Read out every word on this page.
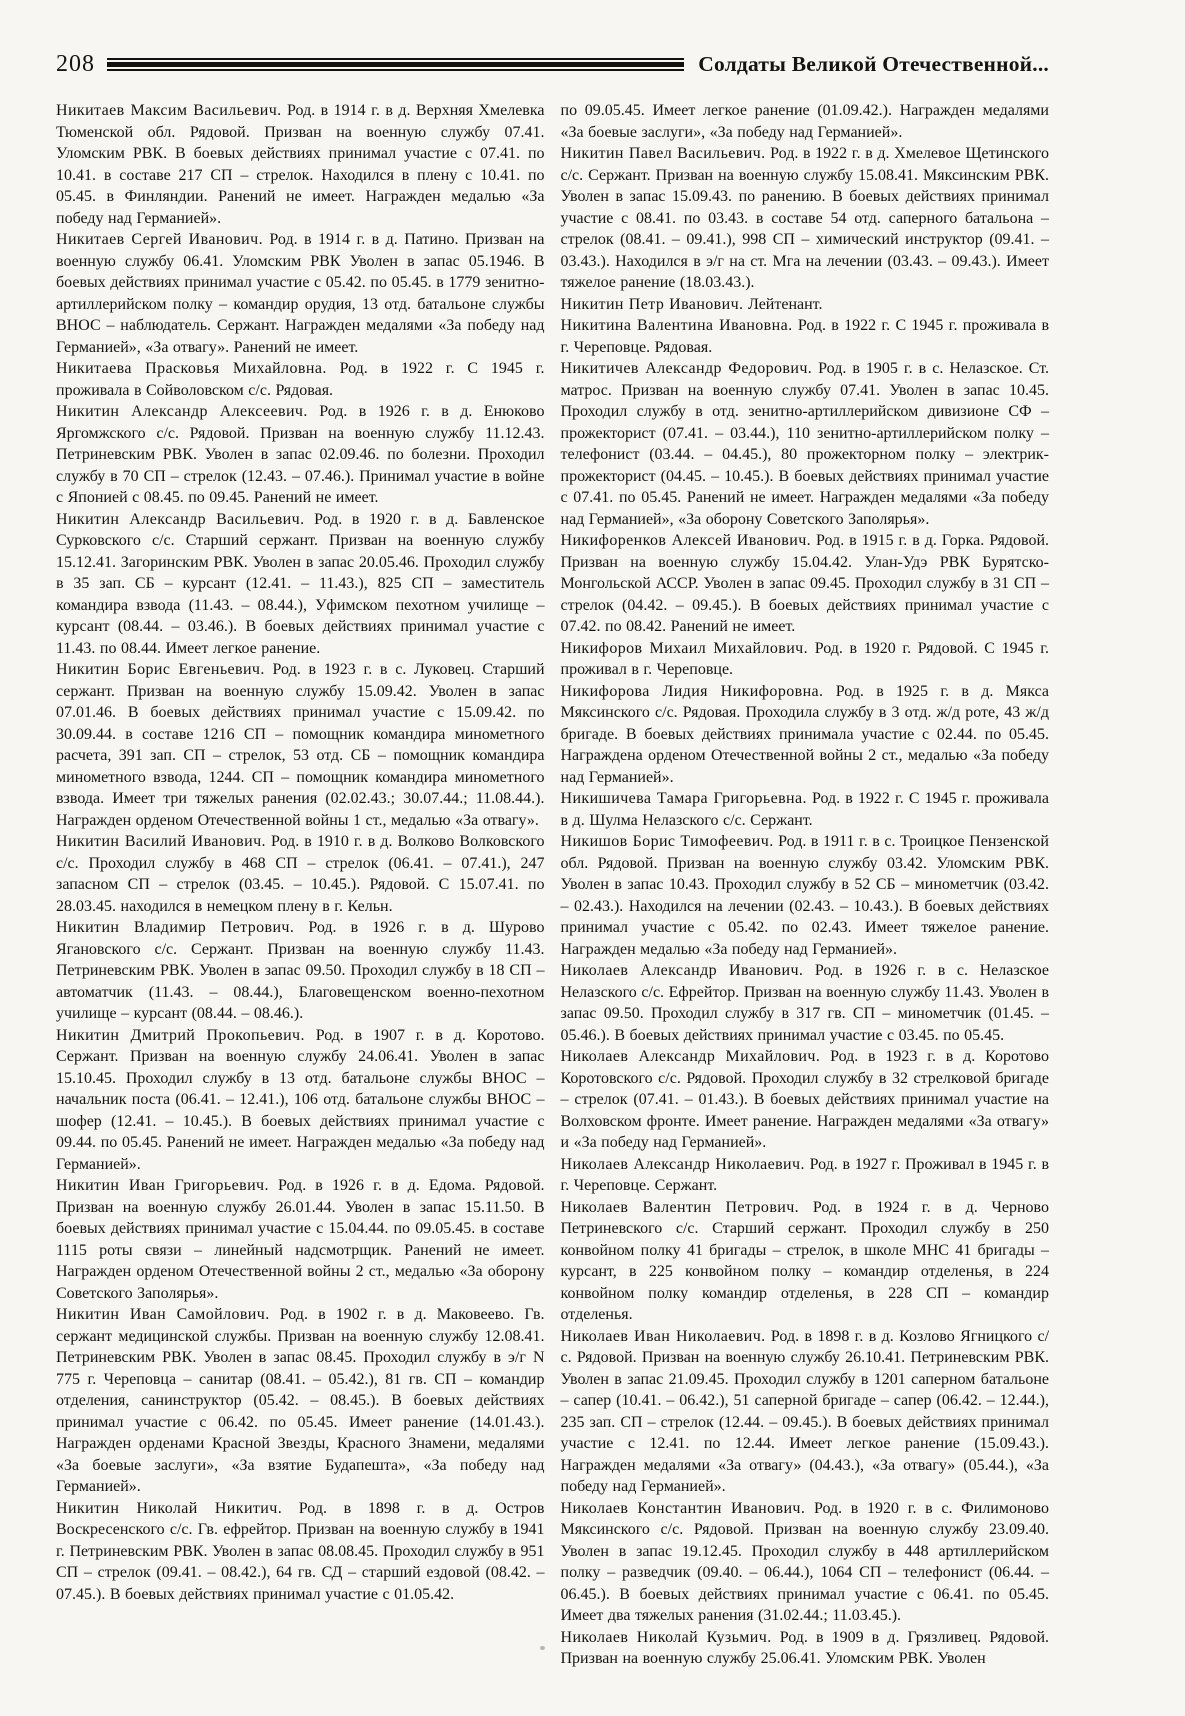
208	Солдаты Великой Отечественной...

Никитаев Максим Васильевич. Род. в 1914 г. в д. Верхняя Хмелевка Тюменской обл. Рядовой. Призван на военную службу 07.41. Уломским РВК. В боевых действиях принимал участие с 07.41. по 10.41. в составе 217 СП – стрелок. Находился в плену с 10.41. по 05.45. в Финляндии. Ранений не имеет. Награжден медалью «За победу над Германией».

Никитаев Сергей Иванович. Род. в 1914 г. в д. Патино. Призван на военную службу 06.41. Уломским РВК Уволен в запас 05.1946. В боевых действиях принимал участие с 05.42. по 05.45. в 1779 зенитно-артиллерийском полку – командир орудия, 13 отд. батальоне службы ВНОС – наблюдатель. Сержант. Награжден медалями «За победу над Германией», «За отвагу». Ранений не имеет.

Никитаева Прасковья Михайловна. Род. в 1922 г. С 1945 г. проживала в Сойволовском с/с. Рядовая.

Никитин Александр Алексеевич. Род. в 1926 г. в д. Енюково Яргомжского с/с. Рядовой. Призван на военную службу 11.12.43. Петриневским РВК. Уволен в запас 02.09.46. по болезни. Проходил службу в 70 СП – стрелок (12.43. – 07.46.). Принимал участие в войне с Японией с 08.45. по 09.45. Ранений не имеет.

Никитин Александр Васильевич. Род. в 1920 г. в д. Бавленское Сурковского с/с. Старший сержант. Призван на военную службу 15.12.41. Загоринским РВК. Уволен в запас 20.05.46. Проходил службу в 35 зап. СБ – курсант (12.41. – 11.43.), 825 СП – заместитель командира взвода (11.43. – 08.44.), Уфимском пехотном училище – курсант (08.44. – 03.46.). В боевых действиях принимал участие с 11.43. по 08.44. Имеет легкое ранение.

Никитин Борис Евгеньевич. Род. в 1923 г. в с. Луковец. Старший сержант. Призван на военную службу 15.09.42. Уволен в запас 07.01.46. В боевых действиях принимал участие с 15.09.42. по 30.09.44. в составе 1216 СП – помощник командира минометного расчета, 391 зап. СП – стрелок, 53 отд. СБ – помощник командира минометного взвода, 1244. СП – помощник командира минометного взвода. Имеет три тяжелых ранения (02.02.43.; 30.07.44.; 11.08.44.). Награжден орденом Отечественной войны 1 ст., медалью «За отвагу».

Никитин Василий Иванович. Род. в 1910 г. в д. Волково Волковского с/с. Проходил службу в 468 СП – стрелок (06.41. – 07.41.), 247 запасном СП – стрелок (03.45. – 10.45.). Рядовой. С 15.07.41. по 28.03.45. находился в немецком плену в г. Кельн.

Никитин Владимир Петрович. Род. в 1926 г. в д. Шурово Ягановского с/с. Сержант. Призван на военную службу 11.43. Петриневским РВК. Уволен в запас 09.50. Проходил службу в 18 СП – автоматчик (11.43. – 08.44.), Благовещенском военно-пехотном училище – курсант (08.44. – 08.46.).

Никитин Дмитрий Прокопьевич. Род. в 1907 г. в д. Коротово. Сержант. Призван на военную службу 24.06.41. Уволен в запас 15.10.45. Проходил службу в 13 отд. батальоне службы ВНОС – начальник поста (06.41. – 12.41.), 106 отд. батальоне службы ВНОС – шофер (12.41. – 10.45.). В боевых действиях принимал участие с 09.44. по 05.45. Ранений не имеет. Награжден медалью «За победу над Германией».

Никитин Иван Григорьевич. Род. в 1926 г. в д. Едома. Рядовой. Призван на военную службу 26.01.44. Уволен в запас 15.11.50. В боевых действиях принимал участие с 15.04.44. по 09.05.45. в составе 1115 роты связи – линейный надсмотрщик. Ранений не имеет. Награжден орденом Отечественной войны 2 ст., медалью «За оборону Советского Заполярья».

Никитин Иван Самойлович. Род. в 1902 г. в д. Маковеево. Гв. сержант медицинской службы. Призван на военную службу 12.08.41. Петриневским РВК. Уволен в запас 08.45. Проходил службу в э/г N 775 г. Череповца – санитар (08.41. – 05.42.), 81 гв. СП – командир отделения, санинструктор (05.42. – 08.45.). В боевых действиях принимал участие с 06.42. по 05.45. Имеет ранение (14.01.43.). Награжден орденами Красной Звезды, Красного Знамени, медалями «За боевые заслуги», «За взятие Будапешта», «За победу над Германией».

Никитин Николай Никитич. Род. в 1898 г. в д. Остров Воскресенского с/с. Гв. ефрейтор. Призван на военную службу в 1941 г. Петриневским РВК. Уволен в запас 08.08.45. Проходил службу в 951 СП – стрелок (09.41. – 08.42.), 64 гв. СД – старший ездовой (08.42. – 07.45.). В боевых действиях принимал участие с 01.05.42.

по 09.05.45. Имеет легкое ранение (01.09.42.). Награжден медалями «За боевые заслуги», «За победу над Германией».

Никитин Павел Васильевич. Род. в 1922 г. в д. Хмелевое Щетинского с/с. Сержант. Призван на военную службу 15.08.41. Мяксинским РВК. Уволен в запас 15.09.43. по ранению. В боевых действиях принимал участие с 08.41. по 03.43. в составе 54 отд. саперного батальона – стрелок (08.41. – 09.41.), 998 СП – химический инструктор (09.41. – 03.43.). Находился в э/г на ст. Мга на лечении (03.43. – 09.43.). Имеет тяжелое ранение (18.03.43.).

Никитин Петр Иванович. Лейтенант.

Никитина Валентина Ивановна. Род. в 1922 г. С 1945 г. проживала в г. Череповце. Рядовая.

Никитичев Александр Федорович. Род. в 1905 г. в с. Нелазское. Ст. матрос. Призван на военную службу 07.41. Уволен в запас 10.45. Проходил службу в отд. зенитно-артиллерийском дивизионе СФ – прожекторист (07.41. – 03.44.), 110 зенитно-артиллерийском полку – телефонист (03.44. – 04.45.), 80 прожекторном полку – электрик-прожекторист (04.45. – 10.45.). В боевых действиях принимал участие с 07.41. по 05.45. Ранений не имеет. Награжден медалями «За победу над Германией», «За оборону Советского Заполярья».

Никифоренков Алексей Иванович. Род. в 1915 г. в д. Горка. Рядовой. Призван на военную службу 15.04.42. Улан-Удэ РВК Бурятско-Монгольской АССР. Уволен в запас 09.45. Проходил службу в 31 СП – стрелок (04.42. – 09.45.). В боевых действиях принимал участие с 07.42. по 08.42. Ранений не имеет.

Никифоров Михаил Михайлович. Род. в 1920 г. Рядовой. С 1945 г. проживал в г. Череповце.

Никифорова Лидия Никифоровна. Род. в 1925 г. в д. Мякса Мяксинского с/с. Рядовая. Проходила службу в 3 отд. ж/д роте, 43 ж/д бригаде. В боевых действиях принимала участие с 02.44. по 05.45. Награждена орденом Отечественной войны 2 ст., медалью «За победу над Германией».

Никишичева Тамара Григорьевна. Род. в 1922 г. С 1945 г. проживала в д. Шулма Нелазского с/с. Сержант.

Никишов Борис Тимофеевич. Род. в 1911 г. в с. Троицкое Пензенской обл. Рядовой. Призван на военную службу 03.42. Уломским РВК. Уволен в запас 10.43. Проходил службу в 52 СБ – минометчик (03.42. – 02.43.). Находился на лечении (02.43. – 10.43.). В боевых действиях принимал участие с 05.42. по 02.43. Имеет тяжелое ранение. Награжден медалью «За победу над Германией».

Николаев Александр Иванович. Род. в 1926 г. в с. Нелазское Нелазского с/с. Ефрейтор. Призван на военную службу 11.43. Уволен в запас 09.50. Проходил службу в 317 гв. СП – минометчик (01.45. – 05.46.). В боевых действиях принимал участие с 03.45. по 05.45.

Николаев Александр Михайлович. Род. в 1923 г. в д. Коротово Коротовского с/с. Рядовой. Проходил службу в 32 стрелковой бригаде – стрелок (07.41. – 01.43.). В боевых действиях принимал участие на Волховском фронте. Имеет ранение. Награжден медалями «За отвагу» и «За победу над Германией».

Николаев Александр Николаевич. Род. в 1927 г. Проживал в 1945 г. в г. Череповце. Сержант.

Николаев Валентин Петрович. Род. в 1924 г. в д. Черново Петриневского с/с. Старший сержант. Проходил службу в 250 конвойном полку 41 бригады – стрелок, в школе МНС 41 бригады – курсант, в 225 конвойном полку – командир отделенья, в 224 конвойном полку командир отделенья, в 228 СП – командир отделенья.

Николаев Иван Николаевич. Род. в 1898 г. в д. Козлово Ягницкого с/с. Рядовой. Призван на военную службу 26.10.41. Петриневским РВК. Уволен в запас 21.09.45. Проходил службу в 1201 саперном батальоне – сапер (10.41. – 06.42.), 51 саперной бригаде – сапер (06.42. – 12.44.), 235 зап. СП – стрелок (12.44. – 09.45.). В боевых действиях принимал участие с 12.41. по 12.44. Имеет легкое ранение (15.09.43.). Награжден медалями «За отвагу» (04.43.), «За отвагу» (05.44.), «За победу над Германией».

Николаев Константин Иванович. Род. в 1920 г. в с. Филимоново Мяксинского с/с. Рядовой. Призван на военную службу 23.09.40. Уволен в запас 19.12.45. Проходил службу в 448 артиллерийском полку – разведчик (09.40. – 06.44.), 1064 СП – телефонист (06.44. – 06.45.). В боевых действиях принимал участие с 06.41. по 05.45. Имеет два тяжелых ранения (31.02.44.; 11.03.45.).

Николаев Николай Кузьмич. Род. в 1909 в д. Грязливец. Рядовой. Призван на военную службу 25.06.41. Уломским РВК. Уволен
